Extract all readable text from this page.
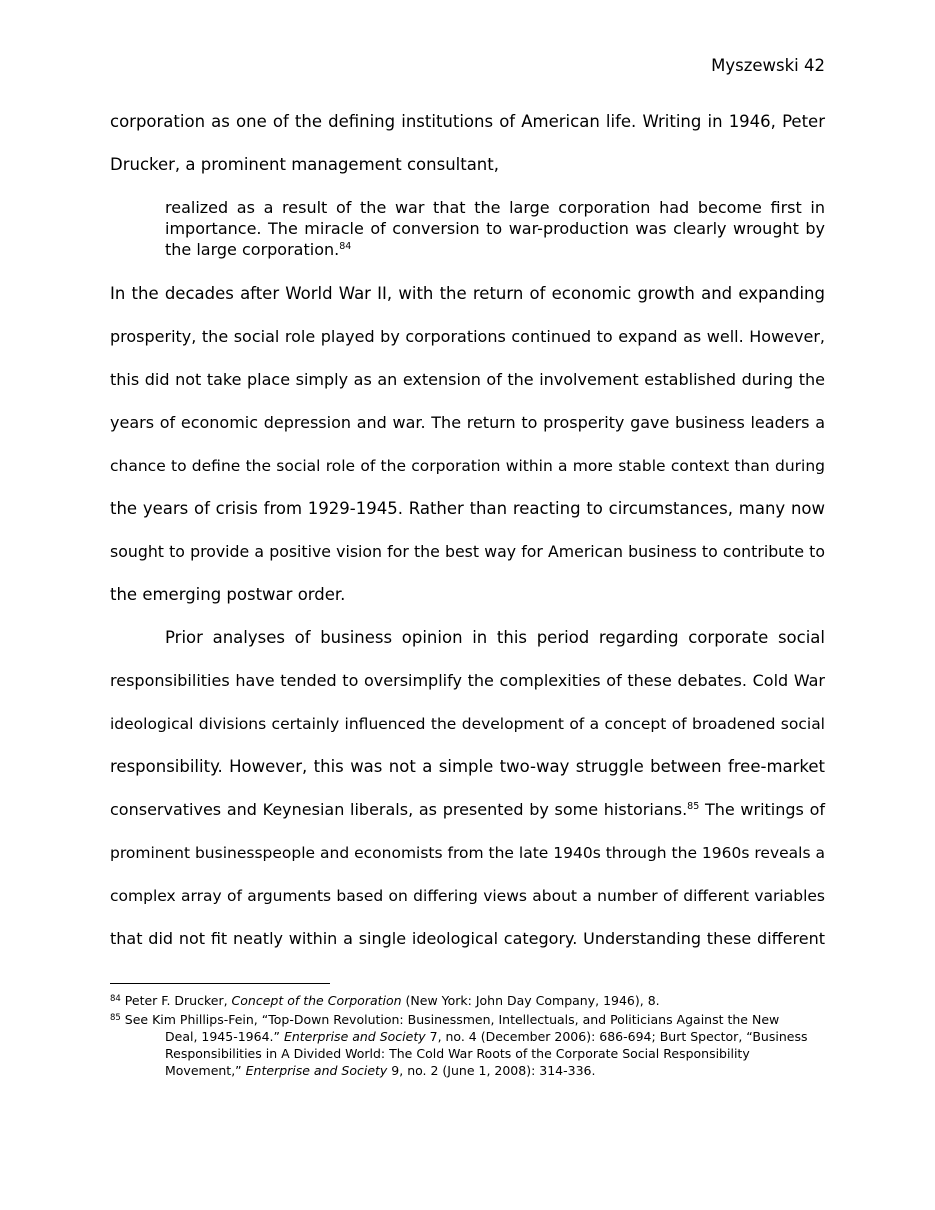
Myszewski 42
corporation as one of the defining institutions of American life. Writing in 1946, Peter
Drucker, a prominent management consultant,
realized as a result of the war that the large corporation had become first in
importance. The miracle of conversion to war-production was clearly wrought by
the large corporation.$^{84}$
In the decades after World War II, with the return of economic growth and expanding
prosperity, the social role played by corporations continued to expand as well. However,
this did not take place simply as an extension of the involvement established during the
years of economic depression and war. The return to prosperity gave business leaders a
chance to define the social role of the corporation within a more stable context than during
the years of crisis from 1929-1945. Rather than reacting to circumstances, many now
sought to provide a positive vision for the best way for American business to contribute to
the emerging postwar order.
Prior analyses of business opinion in this period regarding corporate social
responsibilities have tended to oversimplify the complexities of these debates. Cold War
ideological divisions certainly influenced the development of a concept of broadened social
responsibility. However, this was not a simple two-way struggle between free-market
conservatives and Keynesian liberals, as presented by some historians.$^{85}$ The writings of
prominent businesspeople and economists from the late 1940s through the 1960s reveals a
complex array of arguments based on differing views about a number of different variables
that did not fit neatly within a single ideological category. Understanding these different
$^{84}$ Peter F. Drucker, Concept of the Corporation (New York: John Day Company, 1946), 8.
$^{85}$ See Kim Phillips-Fein, “Top-Down Revolution: Businessmen, Intellectuals, and Politicians Against the New
Deal, 1945-1964.” Enterprise and Society 7, no. 4 (December 2006): 686-694; Burt Spector, “Business
Responsibilities in A Divided World: The Cold War Roots of the Corporate Social Responsibility
Movement,” Enterprise and Society 9, no. 2 (June 1, 2008): 314-336.
